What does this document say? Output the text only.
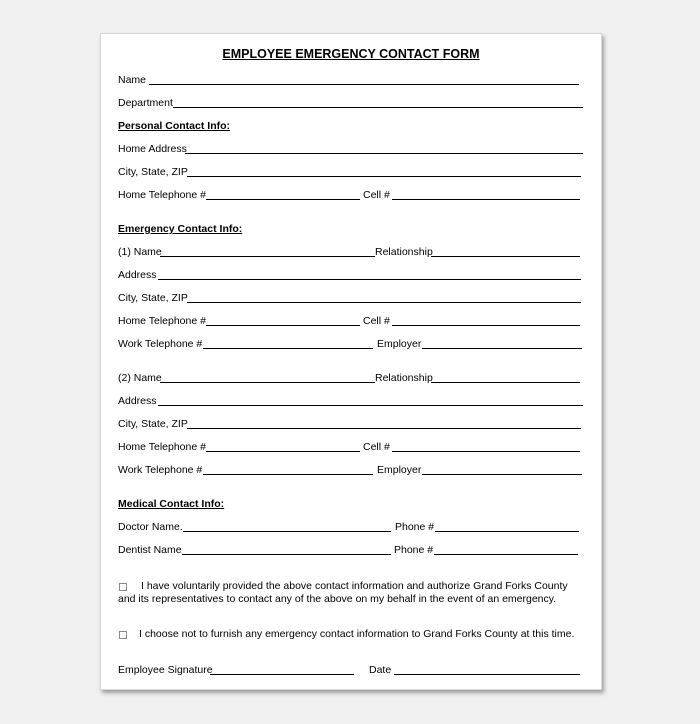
EMPLOYEE EMERGENCY CONTACT FORM
Name
Department
Personal Contact Info:
Home Address
City, State, ZIP
Home Telephone #	Cell #
Emergency Contact Info:
(1) Name	Relationship
Address
City, State, ZIP
Home Telephone #	Cell #
Work Telephone #	Employer
(2) Name	Relationship
Address
City, State, ZIP
Home Telephone #	Cell #
Work Telephone #	Employer
Medical Contact Info:
Doctor Name.	Phone #
Dentist Name	Phone #
I have voluntarily provided the above contact information and authorize Grand Forks County and its representatives to contact any of the above on my behalf in the event of an emergency.
I choose not to furnish any emergency contact information to Grand Forks County at this time.
Employee Signature	Date
